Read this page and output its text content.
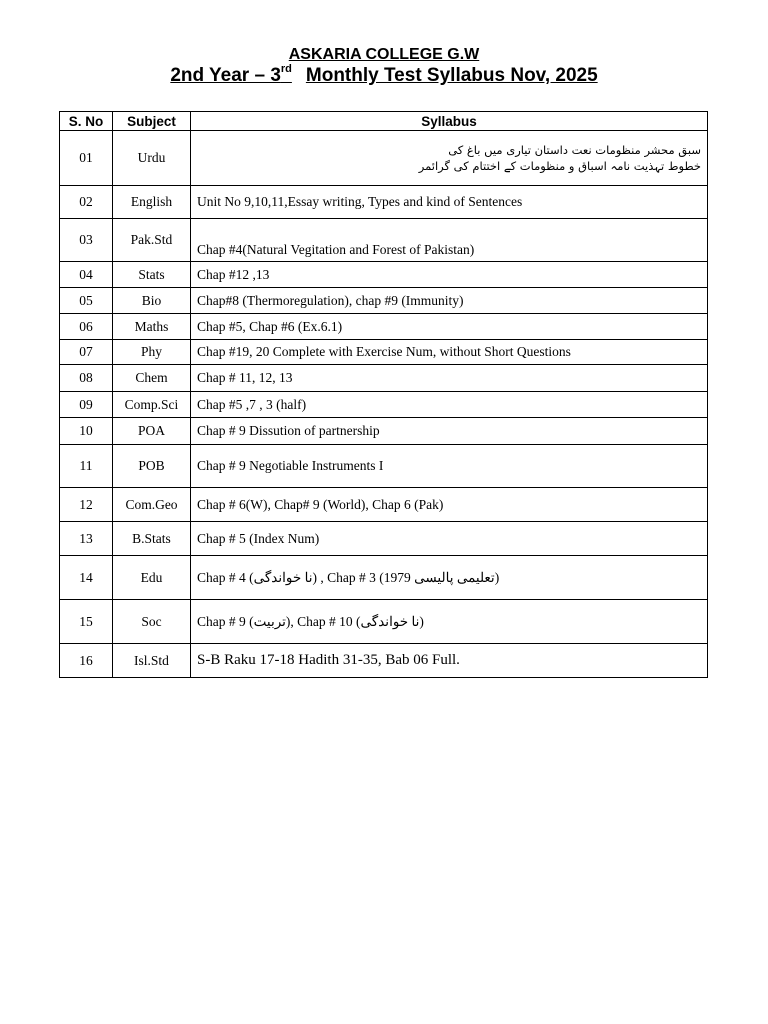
ASKARIA COLLEGE G.W
2nd Year – 3rd Monthly Test Syllabus Nov, 2025
S. No	Subject	Syllabus
01	Urdu	سبق محشر منظومات نعت داستان تیاری میں باغ کی
خطوط تہذیت نامہ اسباق و منظومات کے اختتام کی گرائمر

02	English	Unit No 9,10,11,Essay writing, Types and kind of Sentences
03	Pak.Std	Chap #4(Natural Vegitation and Forest of Pakistan)
04	Stats	Chap #12 ,13
05	Bio	Chap#8 (Thermoregulation), chap #9 (Immunity)
06	Maths	Chap #5, Chap #6 (Ex.6.1)
07	Phy	Chap #19, 20 Complete with Exercise Num, without Short Questions
08	Chem	Chap # 11, 12, 13
09	Comp.Sci	Chap #5 ,7 , 3 (half)
10	POA	Chap # 9 Dissution of partnership
11	POB	Chap # 9 Negotiable Instruments I
12	Com.Geo	Chap # 6(W), Chap# 9 (World), Chap 6 (Pak)
13	B.Stats	Chap # 5 (Index Num)
14	Edu	Chap # 4 (نا خواندگی) , Chap # 3 (تعلیمی پالیسی 1979)
15	Soc	Chap # 9 (تربیت), Chap # 10 (نا خواندگی)
16	Isl.Std	S-B Raku 17-18 Hadith 31-35, Bab 06 Full.
